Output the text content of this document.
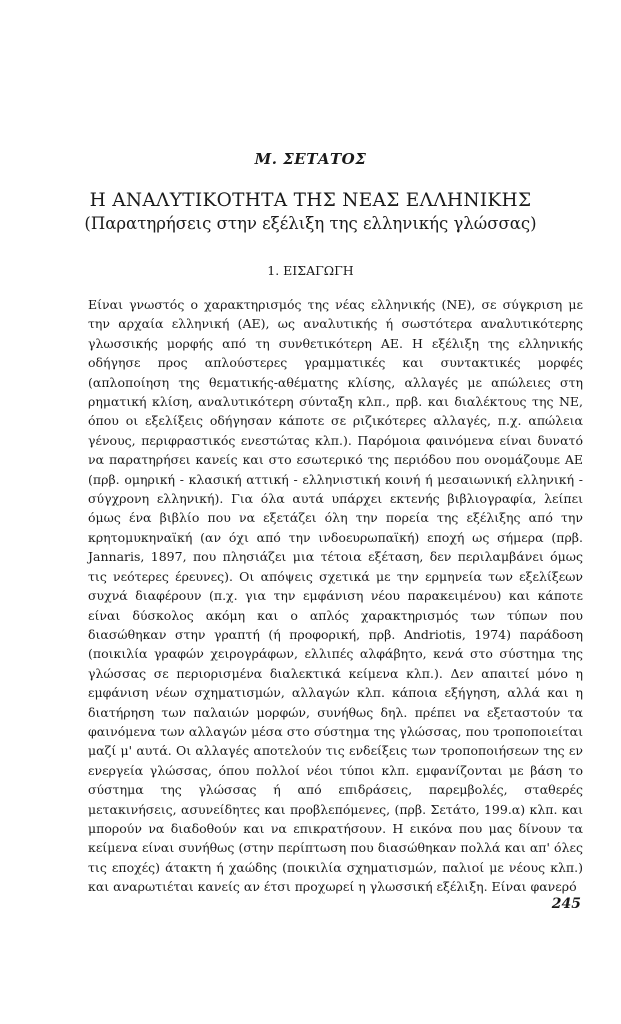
Μ. ΣΕΤΑΤΟΣ
Η ΑΝΑΛΥΤΙΚΟΤΗΤΑ ΤΗΣ ΝΕΑΣ ΕΛΛΗΝΙΚΗΣ
(Παρατηρήσεις στην εξέλιξη της ελληνικής γλώσσας)
1. ΕΙΣΑΓΩΓΗ
Είναι γνωστός ο χαρακτηρισμός της νέας ελληνικής (ΝΕ), σε σύγκριση με την αρχαία ελληνική (ΑΕ), ως αναλυτικής ή σωστότερα αναλυτικότερης γλωσσικής μορφής από τη συνθετικότερη ΑΕ. Η εξέλιξη της ελληνικής οδήγησε προς απλούστερες γραμματικές και συντακτικές μορφές (απλοποίηση της θεματικής-αθέματης κλίσης, αλλαγές με απώλειες στη ρηματική κλίση, αναλυτικότερη σύνταξη κλπ., πρβ. και διαλέκτους της ΝΕ, όπου οι εξελίξεις οδήγησαν κάποτε σε ριζικότερες αλλαγές, π.χ. απώλεια γένους, περιφραστικός ενεστώτας κλπ.). Παρόμοια φαινόμενα είναι δυνατό να παρατηρήσει κανείς και στο εσωτερικό της περιόδου που ονομάζουμε ΑΕ (πρβ. ομηρική - κλασική αττική - ελληνιστική κοινή ή μεσαιωνική ελληνική - σύγχρονη ελληνική). Για όλα αυτά υπάρχει εκτενής βιβλιογραφία, λείπει όμως ένα βιβλίο που να εξετάζει όλη την πορεία της εξέλιξης από την κρητομυκηναϊκή (αν όχι από την ινδοευρωπαϊκή) εποχή ως σήμερα (πρβ. Jannaris, 1897, που πλησιάζει μια τέτοια εξέταση, δεν περιλαμβάνει όμως τις νεότερες έρευνες). Οι απόψεις σχετικά με την ερμηνεία των εξελίξεων συχνά διαφέρουν (π.χ. για την εμφάνιση νέου παρακειμένου) και κάποτε είναι δύσκολος ακόμη και ο απλός χαρακτηρισμός των τύπων που διασώθηκαν στην γραπτή (ή προφορική, πρβ. Andriotis, 1974) παράδοση (ποικιλία γραφών χειρογράφων, ελλιπές αλφάβητο, κενά στο σύστημα της γλώσσας σε περιορισμένα διαλεκτικά κείμενα κλπ.). Δεν απαιτεί μόνο η εμφάνιση νέων σχηματισμών, αλλαγών κλπ. κάποια εξήγηση, αλλά και η διατήρηση των παλαιών μορφών, συνήθως δηλ. πρέπει να εξεταστούν τα φαινόμενα των αλλαγών μέσα στο σύστημα της γλώσσας, που τροποποιείται μαζί μ' αυτά. Οι αλλαγές αποτελούν τις ενδείξεις των τροποποιήσεων της εν ενεργεία γλώσσας, όπου πολλοί νέοι τύποι κλπ. εμφανίζονται με βάση το σύστημα της γλώσσας ή από επιδράσεις, παρεμβολές, σταθερές μετακινήσεις, ασυνείδητες και προβλεπόμενες, (πρβ. Σετάτο, 199.α) κλπ. και μπορούν να διαδοθούν και να επικρατήσουν. Η εικόνα που μας δίνουν τα κείμενα είναι συνήθως (στην περίπτωση που διασώθηκαν πολλά και απ' όλες τις εποχές) άτακτη ή χαώδης (ποικιλία σχηματισμών, παλιοί με νέους κλπ.) και αναρωτιέται κανείς αν έτσι προχωρεί η γλωσσική εξέλιξη. Είναι φανερό
245
